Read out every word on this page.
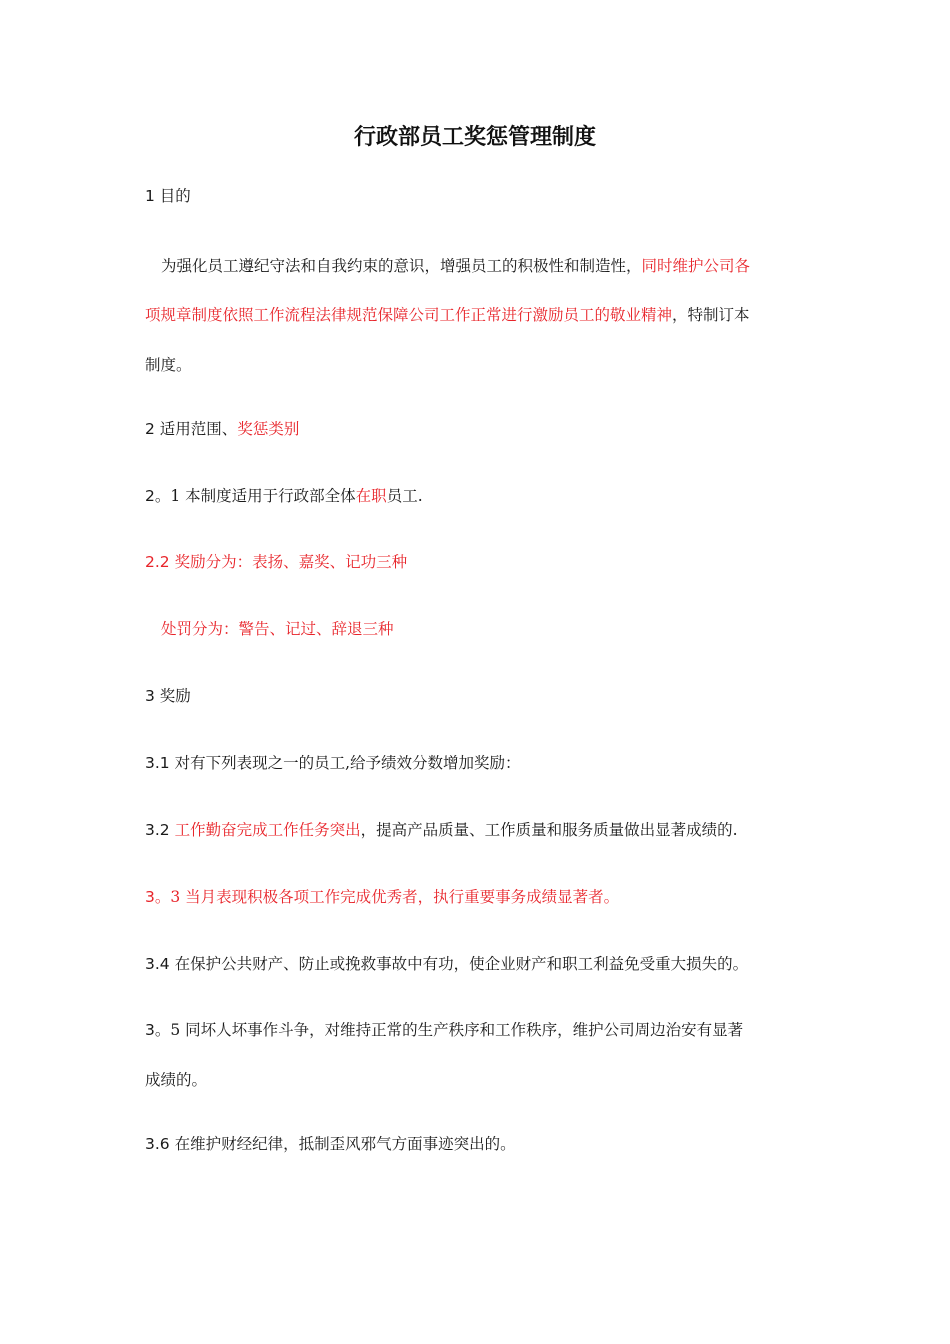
行政部员工奖惩管理制度
1 目的
为强化员工遵纪守法和自我约束的意识，增强员工的积极性和制造性，同时维护公司各
项规章制度依照工作流程法律规范保障公司工作正常进行激励员工的敬业精神，特制订本
制度。
2 适用范围、奖惩类别
2。1 本制度适用于行政部全体在职员工.
2.2 奖励分为：表扬、嘉奖、记功三种
处罚分为：警告、记过、辞退三种
3 奖励
3.1 对有下列表现之一的员工,给予绩效分数增加奖励：
3.2 工作勤奋完成工作任务突出，提高产品质量、工作质量和服务质量做出显著成绩的.
3。3 当月表现积极各项工作完成优秀者，执行重要事务成绩显著者。
3.4 在保护公共财产、防止或挽救事故中有功，使企业财产和职工利益免受重大损失的。
3。5 同坏人坏事作斗争，对维持正常的生产秩序和工作秩序，维护公司周边治安有显著
成绩的。
3.6 在维护财经纪律，抵制歪风邪气方面事迹突出的。
